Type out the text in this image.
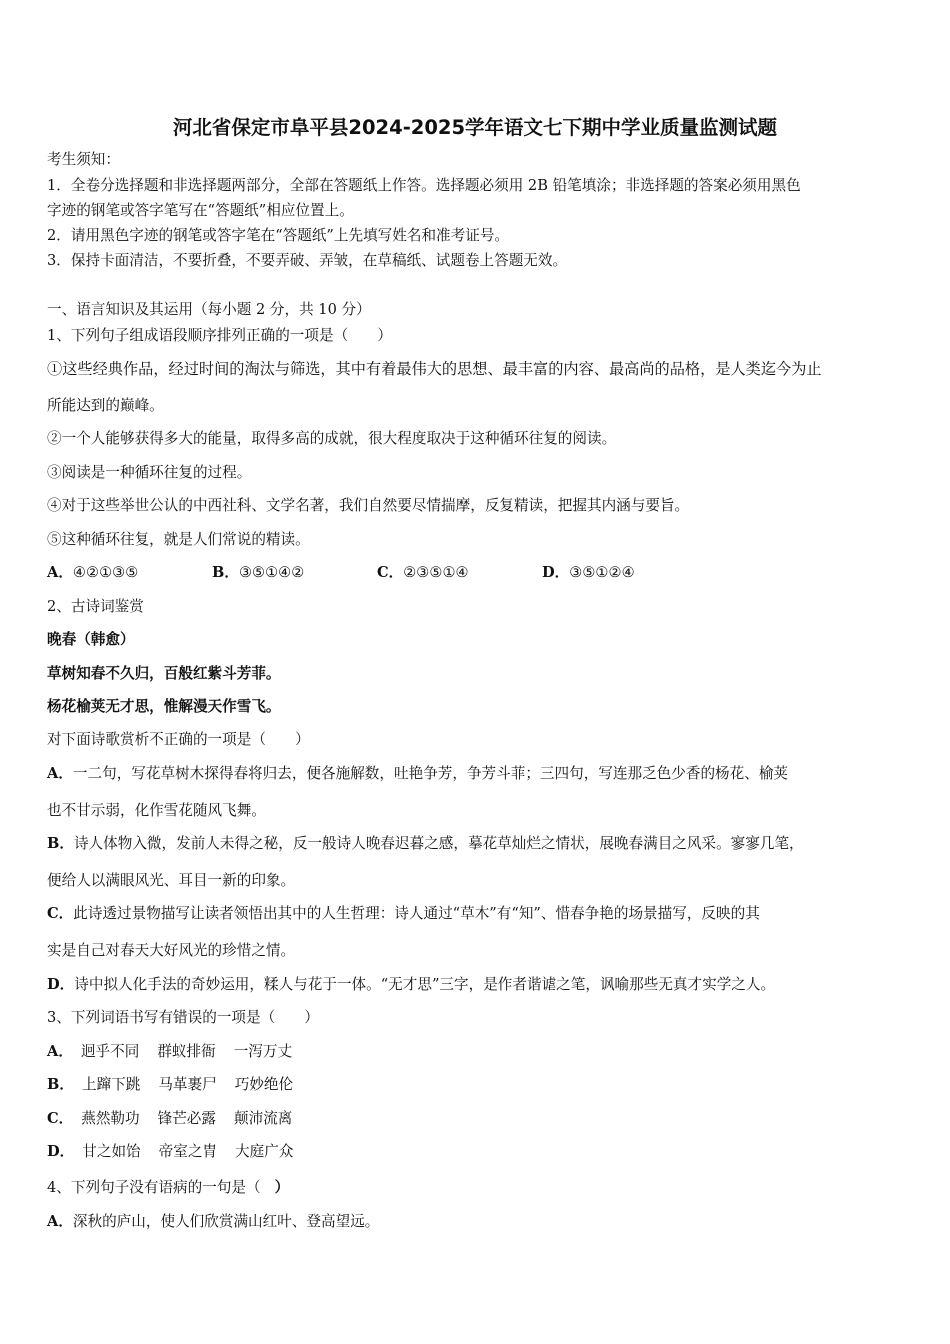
河北省保定市阜平县2024-2025学年语文七下期中学业质量监测试题
考生须知：
1．全卷分选择题和非选择题两部分，全部在答题纸上作答。选择题必须用 2B 铅笔填涂；非选择题的答案必须用黑色
字迹的钢笔或答字笔写在“答题纸”相应位置上。
2．请用黑色字迹的钢笔或答字笔在“答题纸”上先填写姓名和准考证号。
3．保持卡面清洁，不要折叠，不要弄破、弄皱，在草稿纸、试题卷上答题无效。
一、语言知识及其运用（每小题 2 分，共 10 分）
1、下列句子组成语段顺序排列正确的一项是（　　）
①这些经典作品，经过时间的淘汰与筛选，其中有着最伟大的思想、最丰富的内容、最高尚的品格，是人类迄今为止
所能达到的巅峰。
②一个人能够获得多大的能量，取得多高的成就，很大程度取决于这种循环往复的阅读。
③阅读是一种循环往复的过程。
④对于这些举世公认的中西社科、文学名著，我们自然要尽情揣摩，反复精读，把握其内涵与要旨。
⑤这种循环往复，就是人们常说的精读。
A．④②①③⑤	B．③⑤①④②	C．②③⑤①④	D．③⑤①②④
2、古诗词鉴赏
晚春（韩愈）
草树知春不久归，百般红紫斗芳菲。
杨花榆荚无才思，惟解漫天作雪飞。
对下面诗歌赏析不正确的一项是（　　）
A．一二句，写花草树木探得春将归去，便各施解数，吐艳争芳，争芳斗菲；三四句，写连那乏色少香的杨花、榆荚
也不甘示弱，化作雪花随风飞舞。
B．诗人体物入微，发前人未得之秘，反一般诗人晚春迟暮之感，摹花草灿烂之情状，展晚春满目之风采。寥寥几笔，
便给人以满眼风光、耳目一新的印象。
C．此诗透过景物描写让读者领悟出其中的人生哲理：诗人通过“草木”有“知”、惜春争艳的场景描写，反映的其
实是自己对春天大好风光的珍惜之情。
D．诗中拟人化手法的奇妙运用，糅人与花于一体。“无才思”三字，是作者谐谑之笔，讽喻那些无真才实学之人。
3、下列词语书写有错误的一项是（　　）
A． 迥乎不同 群蚁排衙 一泻万丈
B． 上蹿下跳 马革裹尸 巧妙绝伦
C． 燕然勒功 锋芒必露 颠沛流离
D． 甘之如饴 帝室之胄 大庭广众
4、下列句子没有语病的一句是（ ）
A．深秋的庐山，使人们欣赏满山红叶、登高望远。
